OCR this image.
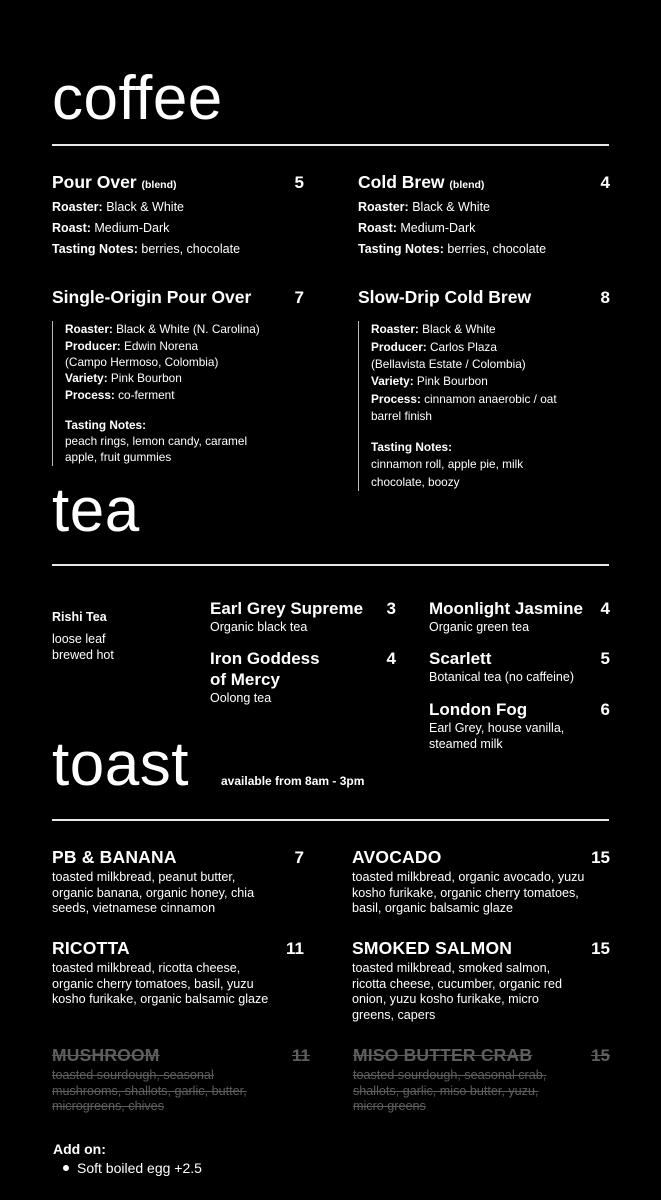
coffee
Pour Over (blend)	5
Roaster: Black & White
Roast: Medium-Dark
Tasting Notes: berries, chocolate
Cold Brew (blend)	4
Roaster: Black & White
Roast: Medium-Dark
Tasting Notes: berries, chocolate
Single-Origin Pour Over	7
Roaster: Black & White (N. Carolina)
Producer: Edwin Norena
(Campo Hermoso, Colombia)
Variety: Pink Bourbon
Process: co-ferment
Tasting Notes:
peach rings, lemon candy, caramel
apple, fruit gummies
Slow-Drip Cold Brew	8
Roaster: Black & White
Producer: Carlos Plaza
(Bellavista Estate / Colombia)
Variety: Pink Bourbon
Process: cinnamon anaerobic / oat
barrel finish
Tasting Notes:
cinnamon roll, apple pie, milk
chocolate, boozy
tea
Rishi Tea
loose leaf
brewed hot
Earl Grey Supreme 3
Organic black tea
Iron Goddess	4
of Mercy
Oolong tea
Moonlight Jasmine 4
Organic green tea
Scarlett	5
Botanical tea (no caffeine)
London Fog	6
Earl Grey, house vanilla,
steamed milk
toast	available from 8am - 3pm
PB & BANANA	7
toasted milkbread, peanut butter,
organic banana, organic honey, chia
seeds, vietnamese cinnamon
AVOCADO	15
toasted milkbread, organic avocado, yuzu
kosho furikake, organic cherry tomatoes,
basil, organic balsamic glaze
RICOTTA	11
toasted milkbread, ricotta cheese,
organic cherry tomatoes, basil, yuzu
kosho furikake, organic balsamic glaze
SMOKED SALMON	15
toasted milkbread, smoked salmon,
ricotta cheese, cucumber, organic red
onion, yuzu kosho furikake, micro
greens, capers
MUSHROOM	11
toasted sourdough, seasonal
mushrooms, shallots, garlic, butter,
microgreens, chives
MISO BUTTER CRAB	15
toasted sourdough, seasonal crab,
shallots, garlic, miso butter, yuzu,
micro greens
Add on:
Soft boiled egg +2.5
